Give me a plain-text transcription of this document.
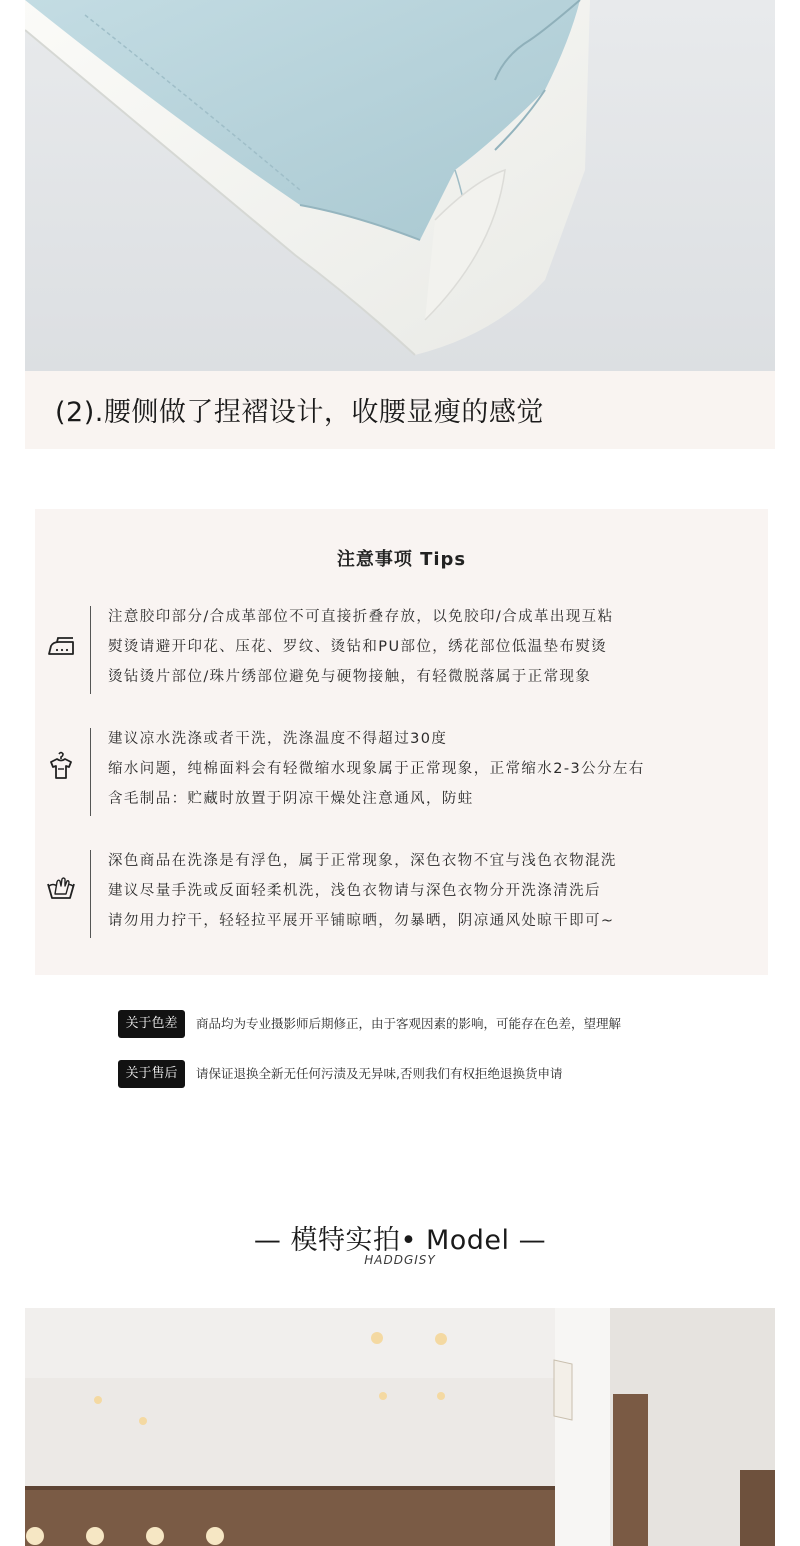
(2).腰侧做了捏褶设计，收腰显瘦的感觉
注意事项 Tips
注意胶印部分/合成革部位不可直接折叠存放，以免胶印/合成革出现互粘
熨烫请避开印花、压花、罗纹、烫钻和PU部位，绣花部位低温垫布熨烫
烫钻烫片部位/珠片绣部位避免与硬物接触，有轻微脱落属于正常现象
建议凉水洗涤或者干洗，洗涤温度不得超过30度
缩水问题，纯棉面料会有轻微缩水现象属于正常现象，正常缩水2-3公分左右
含毛制品：贮藏时放置于阴凉干燥处注意通风，防蛀
深色商品在洗涤是有浮色，属于正常现象，深色衣物不宜与浅色衣物混洗
建议尽量手洗或反面轻柔机洗，浅色衣物请与深色衣物分开洗涤清洗后
请勿用力拧干，轻轻拉平展开平铺晾晒，勿暴晒，阴凉通风处晾干即可~
关于色差	商品均为专业摄影师后期修正，由于客观因素的影响，可能存在色差，望理解
关于售后	请保证退换全新无任何污渍及无异味,否则我们有权拒绝退换货申请
— 模特实拍• Model —
HADDGISY
